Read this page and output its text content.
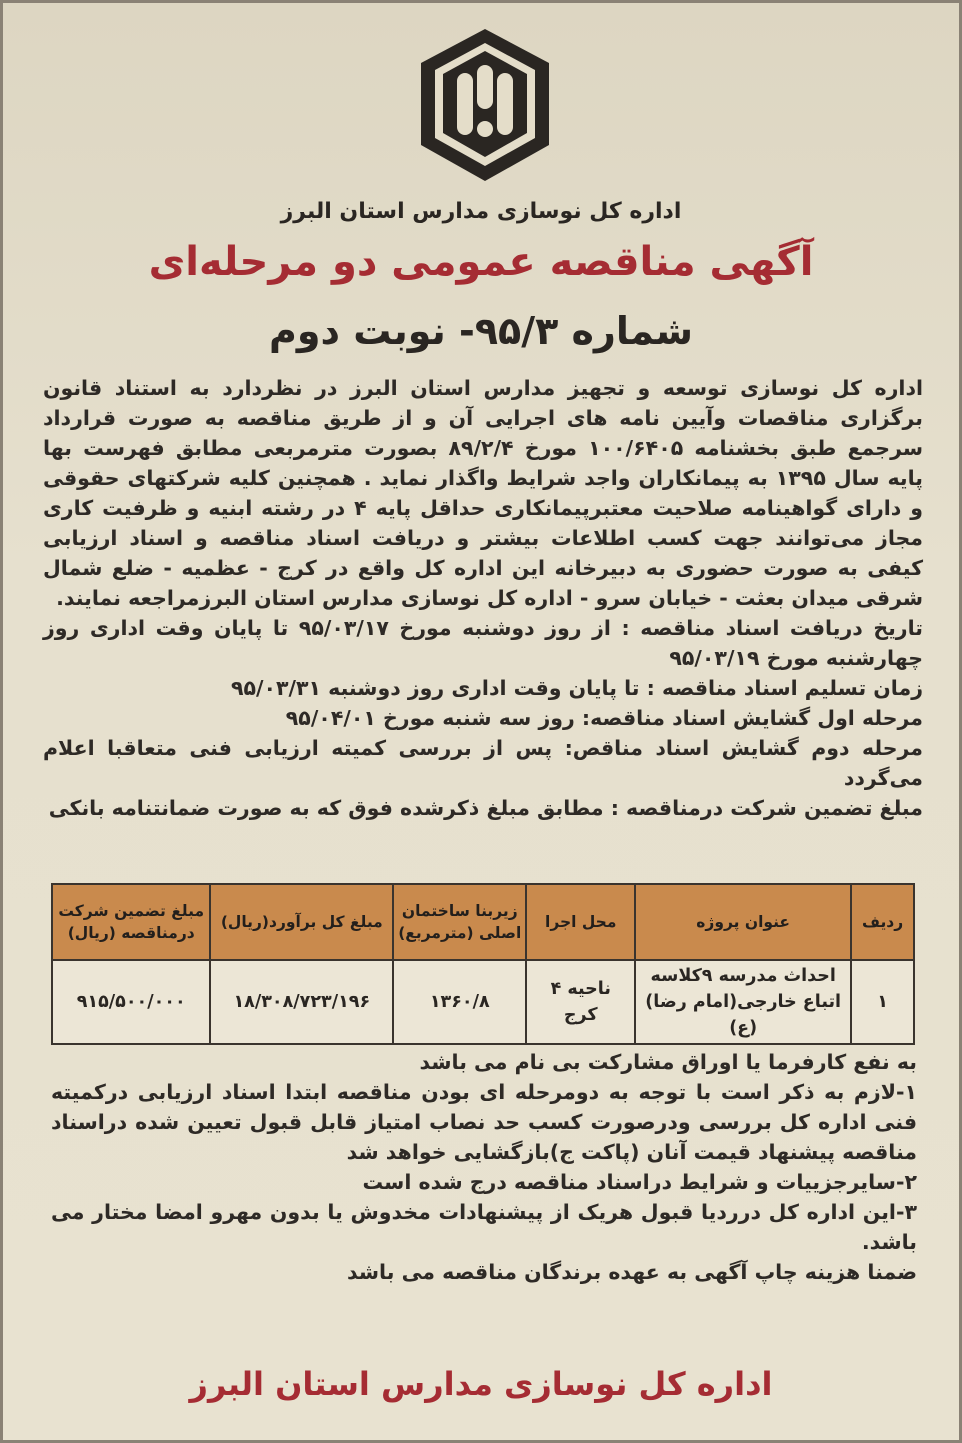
اداره کل نوسازی مدارس استان البرز
آگهی مناقصه عمومی دو مرحله‌ای
شماره ۹۵/۳- نوبت دوم

اداره کل نوسازی توسعه و تجهیز مدارس استان البرز در نظردارد به استناد قانون برگزاری مناقصات وآیین نامه های اجرایی آن و از طریق مناقصه به صورت قرارداد سرجمع طبق بخشنامه ۱۰۰/۶۴۰۵ مورخ ۸۹/۲/۴ بصورت مترمربعی مطابق فهرست بها پایه سال ۱۳۹۵ به پیمانکاران واجد شرایط واگذار نماید . همچنین کلیه شرکتهای حقوقی و دارای گواهینامه صلاحیت معتبرپیمانکاری حداقل پایه ۴ در رشته ابنیه و ظرفیت کاری مجاز می‌توانند جهت کسب اطلاعات بیشتر و دریافت اسناد مناقصه و اسناد ارزیابی کیفی به صورت حضوری به دبیرخانه این اداره کل واقع در کرج - عظمیه - ضلع شمال شرقی میدان بعثت - خیابان سرو - اداره کل نوسازی مدارس استان البرزمراجعه نمایند.

تاریخ دریافت اسناد مناقصه : از روز دوشنبه مورخ ۹۵/۰۳/۱۷ تا پایان وقت اداری روز چهارشنبه مورخ ۹۵/۰۳/۱۹

زمان تسلیم اسناد مناقصه : تا پایان وقت اداری روز دوشنبه ۹۵/۰۳/۳۱

مرحله اول گشایش اسناد مناقصه: روز سه شنبه مورخ ۹۵/۰۴/۰۱

مرحله دوم گشایش اسناد مناقص: پس از بررسی کمیته ارزیابی فنی متعاقبا اعلام می‌گردد

مبلغ تضمین شرکت درمناقصه : مطابق مبلغ ذکرشده فوق که به صورت ضمانتنامه بانکی

ردیف	عنوان پروژه	محل اجرا	زیربنا ساختمان اصلی (مترمربع)	مبلغ کل برآورد(ریال)	مبلغ تضمین شرکت درمناقصه (ریال)
۱	احداث مدرسه ۹کلاسه اتباع خارجی(امام رضا)(ع)	ناحیه ۴ کرج	۱۳۶۰/۸	۱۸/۳۰۸/۷۲۳/۱۹۶	۹۱۵/۵۰۰/۰۰۰

به نفع کارفرما یا اوراق مشارکت بی نام می باشد

۱-لازم به ذکر است با توجه به دومرحله ای بودن مناقصه ابتدا اسناد ارزیابی درکمیته فنی اداره کل بررسی ودرصورت کسب حد نصاب امتیاز قابل قبول تعیین شده دراسناد مناقصه پیشنهاد قیمت آنان (پاکت ج)بازگشایی خواهد شد

۲-سایرجزییات و شرایط دراسناد مناقصه درج شده است

۳-این اداره کل درردیا قبول هریک از پیشنهادات مخدوش یا بدون مهرو امضا مختار می باشد.

ضمنا هزینه چاپ آگهی به عهده برندگان مناقصه می باشد

اداره کل نوسازی مدارس استان البرز
